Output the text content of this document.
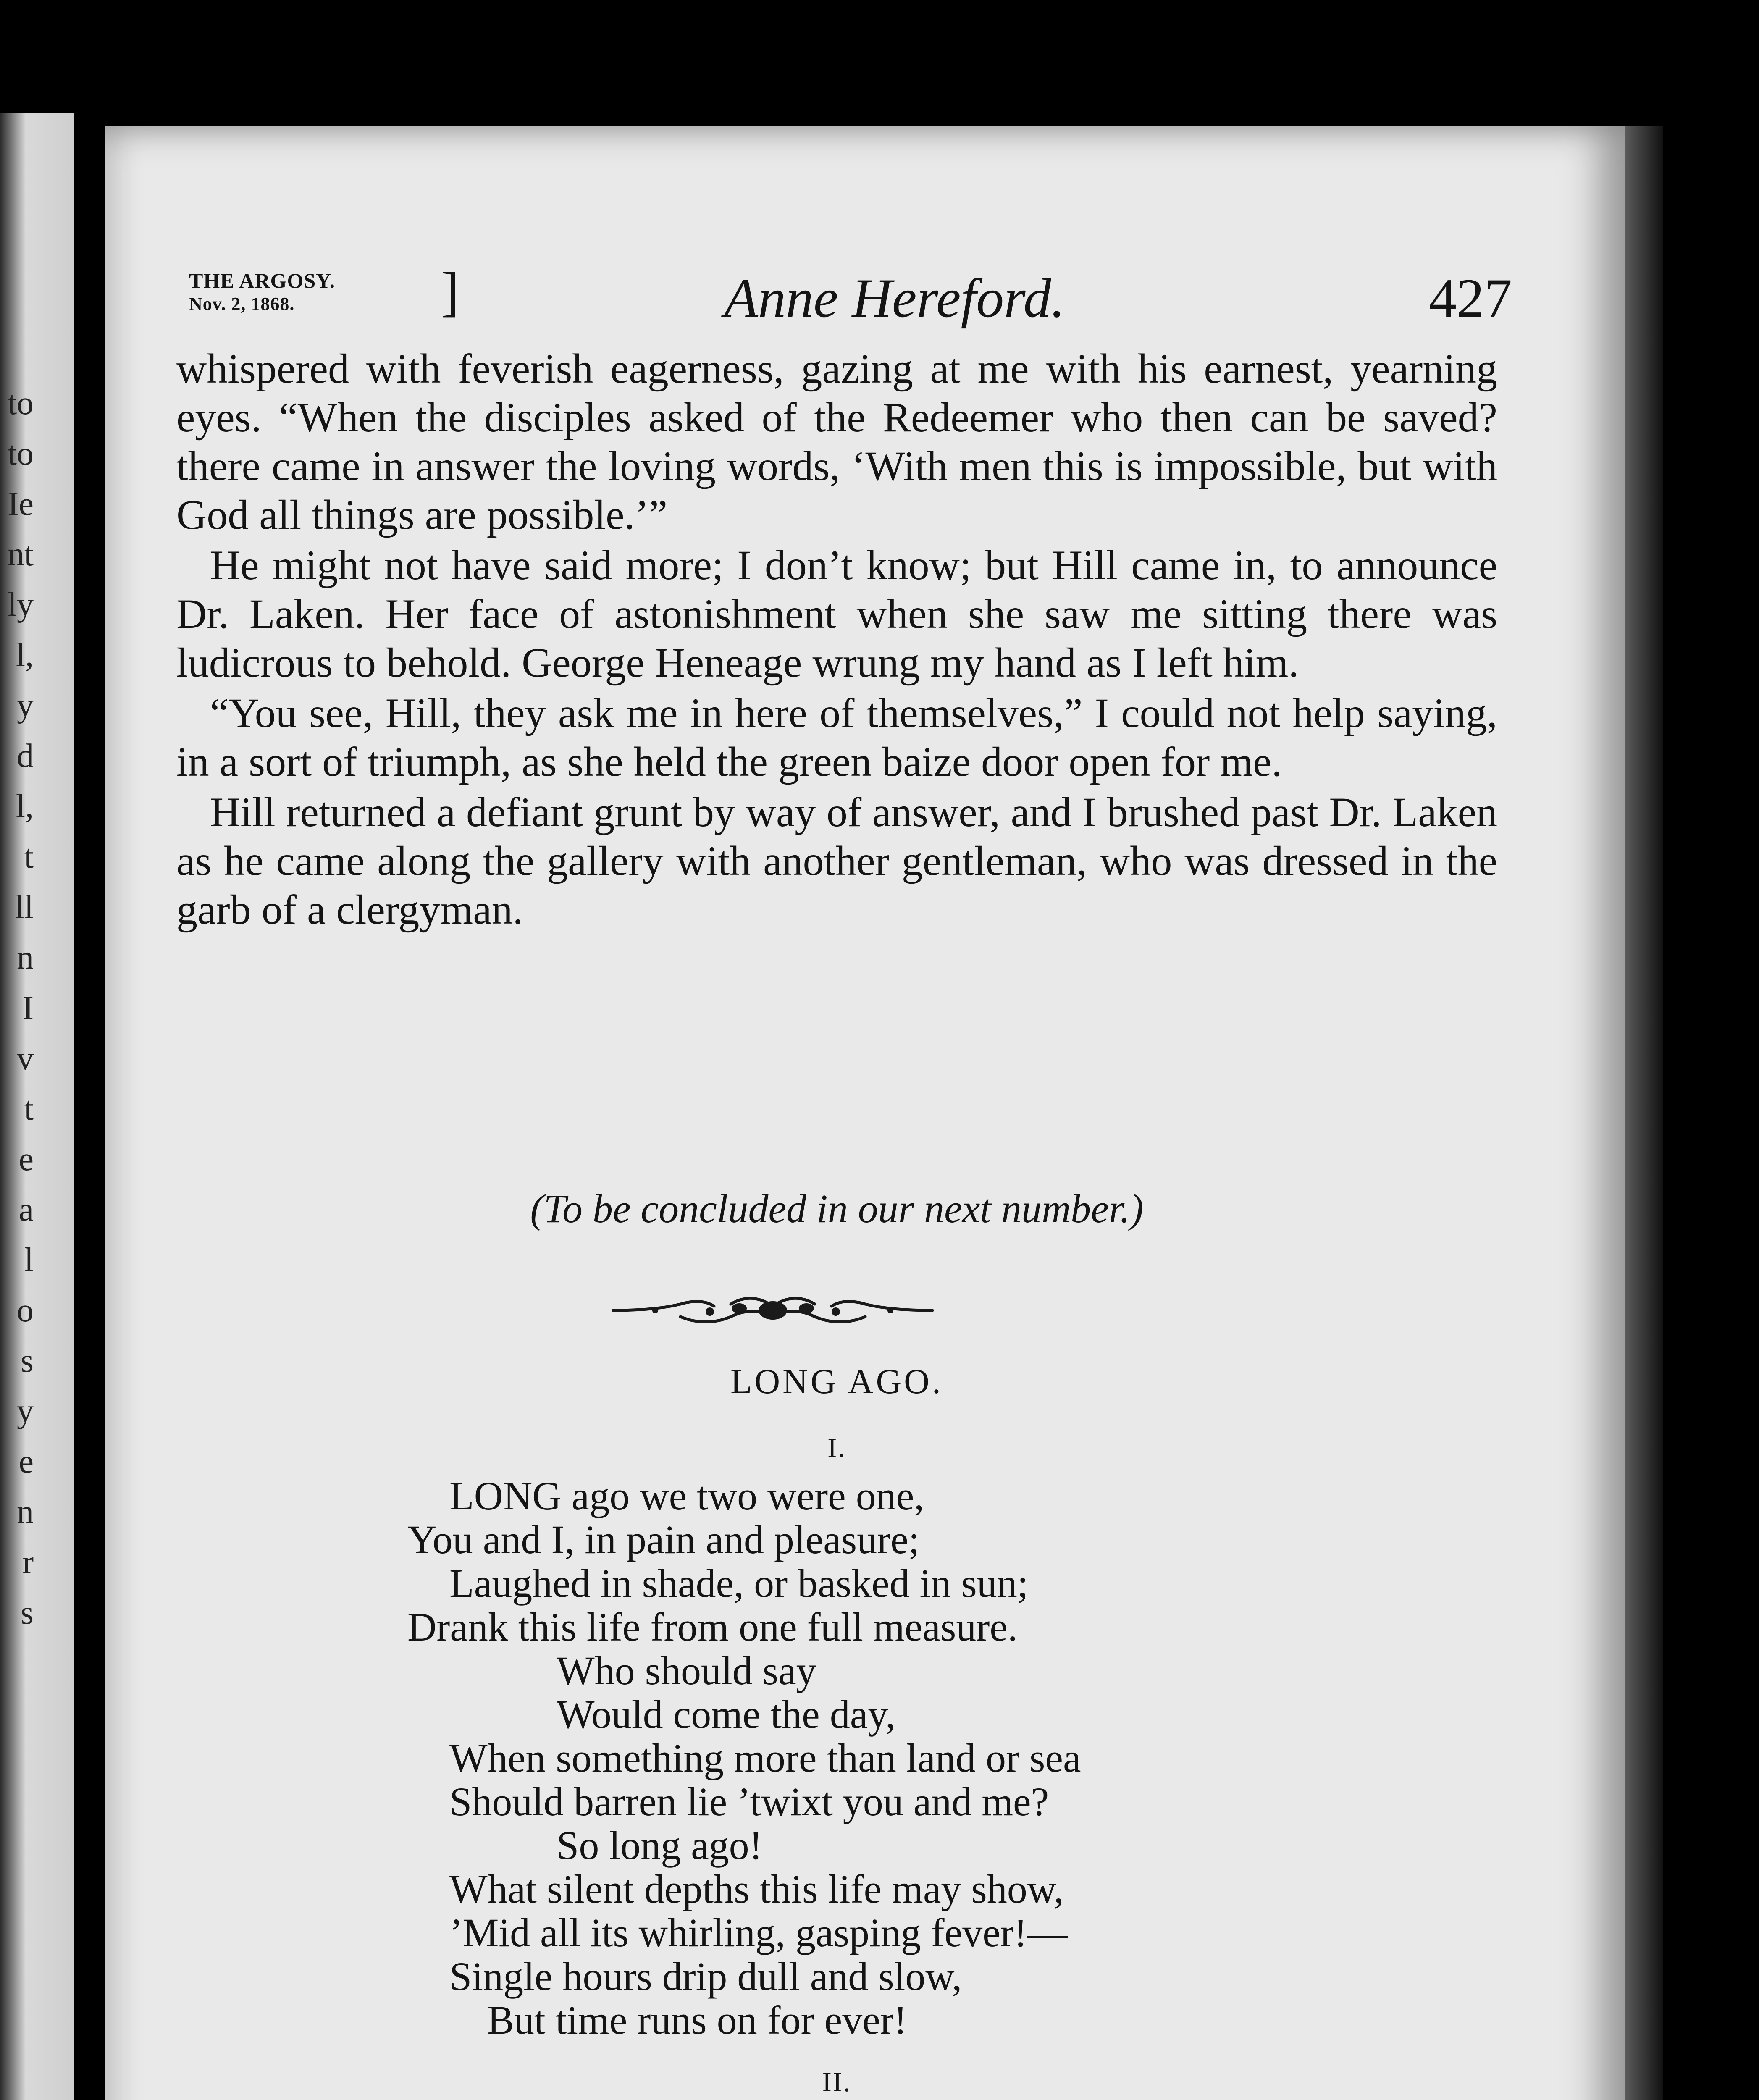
to
to
Ie
nt
ly
l,
y
d
l,
t
ll
n
I
v
t
e
a
l
o
s
y
e
n
r
s
THE ARGOSY.
Nov. 2, 1868.	]	Anne Hereford.	427

whispered with feverish eagerness, gazing at me with his earnest, yearning eyes. “When the disciples asked of the Redeemer who then can be saved? there came in answer the loving words, ‘With men this is impossible, but with God all things are possible.’”

He might not have said more; I don’t know; but Hill came in, to announce Dr. Laken. Her face of astonishment when she saw me sitting there was ludicrous to behold. George Heneage wrung my hand as I left him.

“You see, Hill, they ask me in here of themselves,” I could not help saying, in a sort of triumph, as she held the green baize door open for me.

Hill returned a defiant grunt by way of answer, and I brushed past Dr. Laken as he came along the gallery with another gentleman, who was dressed in the garb of a clergyman.

(To be concluded in our next number.)
LONG AGO.
I.
LONG ago we two were one,
You and I, in pain and pleasure;
Laughed in shade, or basked in sun;
Drank this life from one full measure.
Who should say
Would come the day,
When something more than land or sea
Should barren lie ’twixt you and me?
So long ago!
What silent depths this life may show,
’Mid all its whirling, gasping fever!—
Single hours drip dull and slow,
But time runs on for ever!
II.
